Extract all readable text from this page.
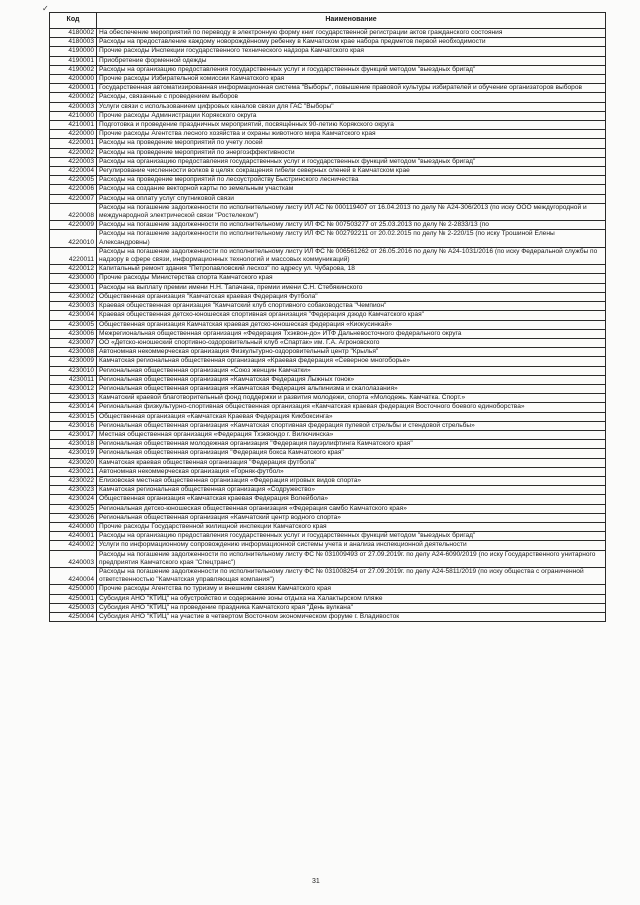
✓
Код	Наименование
4180002	На обеспечение мероприятий по переводу в электронную форму книг государственной регистрации актов гражданского состояния
4180003	Расходы на предоставление каждому новорождённому ребенку в Камчатском крае набора предметов первой необходимости
4190000	Прочие расходы Инспекции государственного технического надзора Камчатского края
4190001	Приобретение форменной одежды
4190002	Расходы на организацию предоставления государственных услуг и государственных функций методом "выездных бригад"
4200000	Прочие расходы Избирательной комиссии Камчатского края
4200001	Государственная автоматизированная информационная система "Выборы", повышение правовой культуры избирателей и обучение организаторов выборов
4200002	Расходы, связанные с проведением выборов
4200003	Услуги связи с использованием цифровых каналов связи для ГАС "Выборы"
4210000	Прочие расходы Администрации Корякского округа
4210001	Подготовка и проведение праздничных мероприятий, посвящённых 90-летию Корякского округа
4220000	Прочие расходы Агентства лесного хозяйства и охраны животного мира Камчатского края
4220001	Расходы на проведение мероприятий по учету лосей
4220002	Расходы на проведение мероприятий по энергоэффективности
4220003	Расходы на организацию предоставления государственных услуг и государственных функций методом "выездных бригад"
4220004	Регулирование численности волков в целях сокращения гибели северных оленей в Камчатском крае
4220005	Расходы на проведение мероприятий по лесоустройству Быстринского лесничества
4220006	Расходы на создание векторной карты по земельным участкам
4220007	Расходы на оплату услуг спутниковой связи
4220008	Расходы на погашение задолженности по исполнительному листу ИЛ АС № 000119407 от 16.04.2013 по делу № А24-306/2013 (по иску ООО междугородной и международной электрической связи "Ростелеком")
4220009	Расходы на погашение задолженности по исполнительному листу ИЛ ФС № 007503277 от 25.03.2013 по делу № 2-2833/13 (по
4220010	Расходы на погашение задолженности по исполнительному листу ИЛ ФС № 002792211 от 20.02.2015 по делу № 2-220/15 (по иску Трошиной Елены Александровны)
4220011	Расходы на погашение задолженности по исполнительному листу ИЛ ФС № 006561262 от 26.05.2016 по делу № А24-1031/2016 (по иску Федеральной службы по надзору в сфере связи, информационных технологий и массовых коммуникаций)
4220012	Капитальный ремонт здания "Петропавловский лесхоз" по адресу ул. Чубарова, 18
4230000	Прочие расходы Министерства спорта Камчатского края
4230001	Расходы на выплату премии имени Н.Н. Тапачана, премии имени С.Н. Стебякинского
4230002	Общественная организация "Камчатская краевая Федерация Футбола"
4230003	Краевая общественная организация "Камчатский клуб спортивного собаководства "Чемпион"
4230004	Краевая общественная детско-юношеская спортивная организация "Федерация дзюдо Камчатского края"
4230005	Общественная организация Камчатская краевая детско-юношеская федерация «Киокусинкай»
4230006	Межрегиональная общественная организация «Федерация Тхэквон-до» ИТФ Дальневосточного федерального округа
4230007	ОО «Детско-юношеский спортивно-оздоровительный клуб «Спартак» им. Г.А. Агроновского
4230008	Автономная некоммерческая организация Физкультурно-оздоровительный центр "Крылья"
4230009	Камчатская региональная общественная организация «Краевая федерация «Северное многоборье»
4230010	Региональная общественная организация «Союз женщин Камчатки»
4230011	Региональная общественная организация «Камчатская Федерация Лыжных гонок»
4230012	Региональная общественная организация «Камчатская Федерация альпинизма и скалолазания»
4230013	Камчатский краевой благотворительный фонд поддержки и развития молодежи, спорта «Молодежь. Камчатка. Спорт.»
4230014	Региональная физкультурно-спортивная общественная организация «Камчатская краевая федерация Восточного боевого единоборства»
4230015	Общественная организация «Камчатская Краевая Федерация Кикбоксинга»
4230016	Региональная общественная организация «Камчатская спортивная федерация пулевой стрельбы и стендовой стрельбы»
4230017	Местная общественная организация «Федерация Тхэквондо г. Вилючинска»
4230018	Региональная общественная молодежная организация "Федерация пауэрлифтинга Камчатского края"
4230019	Региональная общественная организация "Федерация бокса Камчатского края"
4230020	Камчатская краевая общественная организация "Федерация футбола"
4230021	Автономная некоммерческая организация «Горняк-футбол»
4230022	Елизовская местная общественная организация «Федерация игровых видов спорта»
4230023	Камчатская региональная общественная организация «Содружество»
4230024	Общественная организация «Камчатская краевая Федерация Волейбола»
4230025	Региональная детско-юношеская общественная организация «Федерация самбо Камчатского края»
4230026	Региональная общественная организация «Камчатский центр водного спорта»
4240000	Прочие расходы Государственной жилищной инспекции Камчатского края
4240001	Расходы на организацию предоставления государственных услуг и государственных функций методом "выездных бригад"
4240002	Услуги по информационному сопровождению информационной системы учета и анализа инспекционной деятельности
4240003	Расходы на погашение задолженности по исполнительному листу ФС № 031009493 от 27.09.2019г. по делу А24-6090/2019 (по иску Государственного унитарного предприятия Камчатского края "Спецтранс")
4240004	Расходы на погашение задолженности по исполнительному листу ФС № 031008254 от 27.09.2019г. по делу А24-5811/2019 (по иску общества с ограниченной ответственностью "Камчатская управляющая компания")
4250000	Прочие расходы Агентства по туризму и внешним связям Камчатского края
4250001	Субсидия АНО "КТИЦ" на обустройство и содержание зоны отдыха на Халактырском пляже
4250003	Субсидия АНО "КТИЦ" на проведение праздника Камчатского края "День вулкана"
4250004	Субсидия АНО "КТИЦ" на участие в четвертом Восточном экономическом форуме г. Владивосток
31
